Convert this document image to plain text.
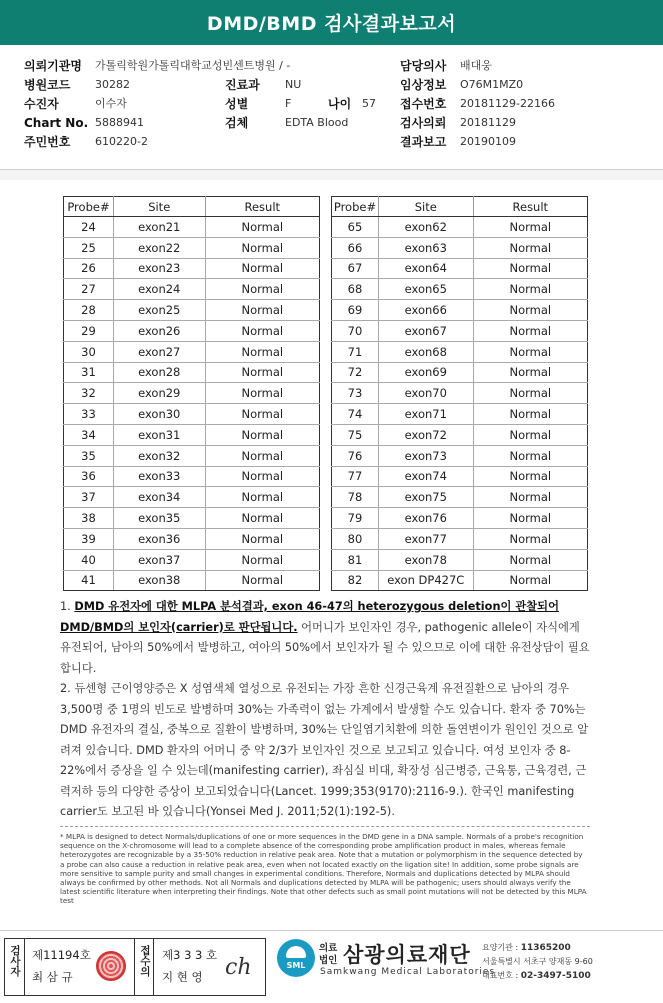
DMD/BMD 검사결과보고서
의뢰기관명 가톨릭학원가톨릭대학교성빈센트병원 / -	담당의사 배대웅
병원코드 30282	진료과 NU	임상정보 O76M1MZ0
수진자	이수자	성별	F	나이 57 접수번호 20181129-22166
Chart No. 5888941	검체	EDTA Blood	검사의뢰 20181129
주민번호 610220-2	결과보고 20190109
Probe#	Site	Result
24	exon21	Normal
25	exon22	Normal
26	exon23	Normal
27	exon24	Normal
28	exon25	Normal
29	exon26	Normal
30	exon27	Normal
31	exon28	Normal
32	exon29	Normal
33	exon30	Normal
34	exon31	Normal
35	exon32	Normal
36	exon33	Normal
37	exon34	Normal
38	exon35	Normal
39	exon36	Normal
40	exon37	Normal
41	exon38	Normal
Probe#	Site	Result
65	exon62	Normal
66	exon63	Normal
67	exon64	Normal
68	exon65	Normal
69	exon66	Normal
70	exon67	Normal
71	exon68	Normal
72	exon69	Normal
73	exon70	Normal
74	exon71	Normal
75	exon72	Normal
76	exon73	Normal
77	exon74	Normal
78	exon75	Normal
79	exon76	Normal
80	exon77	Normal
81	exon78	Normal
82	exon DP427C	Normal

1. DMD 유전자에 대한 MLPA 분석결과, exon 46-47의 heterozygous deletion이 관찰되어 DMD/BMD의 보인자(carrier)로 판단됩니다. 어머니가 보인자인 경우, pathogenic allele이 자식에게 유전되어, 남아의 50%에서 발병하고, 여아의 50%에서 보인자가 될 수 있으므로 이에 대한 유전상담이 필요합니다.

2. 듀센형 근이영양증은 X 성염색체 열성으로 유전되는 가장 흔한 신경근육계 유전질환으로 남아의 경우 3,500명 중 1명의 빈도로 발병하며 30%는 가족력이 없는 가계에서 발생할 수도 있습니다. 환자 중 70%는 DMD 유전자의 결실, 중복으로 질환이 발병하며, 30%는 단일염기치환에 의한 돌연변이가 원인인 것으로 알려져 있습니다. DMD 환자의 어머니 중 약 2/3가 보인자인 것으로 보고되고 있습니다. 여성 보인자 중 8-22%에서 증상을 일 수 있는데(manifesting carrier), 좌심실 비대, 확장성 심근병증, 근육통, 근육경련, 근력저하 등의 다양한 증상이 보고되었습니다(Lancet. 1999;353(9170):2116-9.). 한국인 manifesting carrier도 보고된 바 있습니다(Yonsei Med J. 2011;52(1):192-5).

* MLPA is designed to detect Normals/duplications of one or more sequences in the DMD gene in a DNA sample. Normals of a probe's recognition sequence on the X-chromosome will lead to a complete absence of the corresponding probe amplification product in males, whereas female heterozygotes are recognizable by a 35-50% reduction in relative peak area. Note that a mutation or polymorphism in the sequence detected by a probe can also cause a reduction in relative peak area, even when not located exactly on the ligation site! In addition, some probe signals are more sensitive to sample purity and small changes in experimental conditions. Therefore, Normals and duplications detected by MLPA should always be confirmed by other methods. Not all Normals and duplications detected by MLPA will be pathogenic; users should always verify the latest scientific literature when interpreting their findings. Note that other defects such as small point mutations will not be detected by this MLPA test
검사자 제11194호
최 삼 규
접수의 제3 3 3 호
지 현 영 ch	SML
의료법인 삼광의료재단
Samkwang Medical Laboratories
요양기관 : 11365200
서울특별시 서초구 양재동 9-60
대표번호 : 02-3497-5100
